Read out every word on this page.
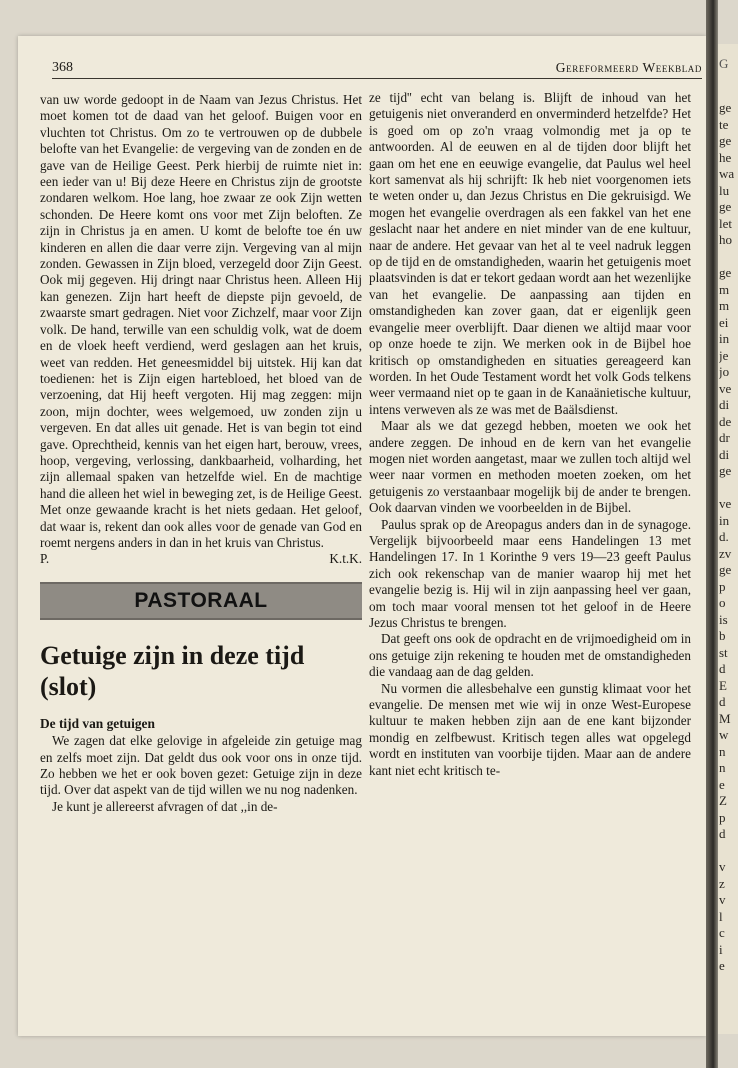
368	Gereformeerd Weekblad

van uw worde gedoopt in de Naam van Jezus Christus. Het moet komen tot de daad van het geloof. Buigen voor en vluchten tot Christus. Om zo te vertrouwen op de dubbele belofte van het Evangelie: de vergeving van de zonden en de gave van de Heilige Geest. Perk hierbij de ruimte niet in: een ieder van u! Bij deze Heere en Christus zijn de grootste zondaren welkom. Hoe lang, hoe zwaar ze ook Zijn wetten schonden. De Heere komt ons voor met Zijn beloften. Ze zijn in Christus ja en amen. U komt de belofte toe én uw kinderen en allen die daar verre zijn. Vergeving van al mijn zonden. Gewassen in Zijn bloed, verzegeld door Zijn Geest. Ook mij gegeven. Hij dringt naar Christus heen. Alleen Hij kan genezen. Zijn hart heeft de diepste pijn gevoeld, de zwaarste smart gedragen. Niet voor Zichzelf, maar voor Zijn volk. De hand, terwille van een schuldig volk, wat de doem en de vloek heeft verdiend, werd geslagen aan het kruis, weet van redden. Het geneesmiddel bij uitstek. Hij kan dat toedienen: het is Zijn eigen hartebloed, het bloed van de verzoening, dat Hij heeft vergoten. Hij mag zeggen: mijn zoon, mijn dochter, wees welgemoed, uw zonden zijn u vergeven. En dat alles uit genade. Het is van begin tot eind gave. Oprechtheid, kennis van het eigen hart, berouw, vrees, hoop, vergeving, verlossing, dankbaarheid, volharding, het zijn allemaal spaken van hetzelfde wiel. En de machtige hand die alleen het wiel in beweging zet, is de Heilige Geest. Met onze gewaande kracht is het niets gedaan. Het geloof, dat waar is, rekent dan ook alles voor de genade van God en roemt nergens anders in dan in het kruis van Christus.

P.	K.t.K.
PASTORAAL
Getuige zijn in deze tijd (slot)
De tijd van getuigen

We zagen dat elke gelovige in afgeleide zin getuige mag en zelfs moet zijn. Dat geldt dus ook voor ons in onze tijd. Zo hebben we het er ook boven gezet: Getuige zijn in deze tijd. Over dat aspekt van de tijd willen we nu nog nadenken.

Je kunt je allereerst afvragen of dat ,,in de-

ze tijd'' echt van belang is. Blijft de inhoud van het getuigenis niet onveranderd en onverminderd hetzelfde? Het is goed om op zo'n vraag volmondig met ja op te antwoorden. Al de eeuwen en al de tijden door blijft het gaan om het ene en eeuwige evangelie, dat Paulus wel heel kort samenvat als hij schrijft: Ik heb niet voorgenomen iets te weten onder u, dan Jezus Christus en Die gekruisigd. We mogen het evangelie overdragen als een fakkel van het ene geslacht naar het andere en niet minder van de ene kultuur, naar de andere. Het gevaar van het al te veel nadruk leggen op de tijd en de omstandigheden, waarin het getuigenis moet plaatsvinden is dat er tekort gedaan wordt aan het wezenlijke van het evangelie. De aanpassing aan tijden en omstandigheden kan zover gaan, dat er eigenlijk geen evangelie meer overblijft. Daar dienen we altijd maar voor op onze hoede te zijn. We merken ook in de Bijbel hoe kritisch op omstandigheden en situaties gereageerd kan worden. In het Oude Testament wordt het volk Gods telkens weer vermaand niet op te gaan in de Kanaänietische kultuur, intens verweven als ze was met de Baälsdienst.

Maar als we dat gezegd hebben, moeten we ook het andere zeggen. De inhoud en de kern van het evangelie mogen niet worden aangetast, maar we zullen toch altijd wel weer naar vormen en methoden moeten zoeken, om het getuigenis zo verstaanbaar mogelijk bij de ander te brengen. Ook daarvan vinden we voorbeelden in de Bijbel.

Paulus sprak op de Areopagus anders dan in de synagoge. Vergelijk bijvoorbeeld maar eens Handelingen 13 met Handelingen 17. In 1 Korinthe 9 vers 19—23 geeft Paulus zich ook rekenschap van de manier waarop hij met het evangelie bezig is. Hij wil in zijn aanpassing heel ver gaan, om toch maar vooral mensen tot het geloof in de Heere Jezus Christus te brengen.

Dat geeft ons ook de opdracht en de vrijmoedigheid om in ons getuige zijn rekening te houden met de omstandigheden die vandaag aan de dag gelden.

Nu vormen die allesbehalve een gunstig klimaat voor het evangelie. De mensen met wie wij in onze West-Europese kultuur te maken hebben zijn aan de ene kant bijzonder mondig en zelfbewust. Kritisch tegen alles wat opgelegd wordt en instituten van voorbije tijden. Maar aan de andere kant niet echt kritisch te-

G
ge
te
ge
he
wa
lu
ge
let
ho
ge
m
m
ei
in
je
jo
ve
di
de
dr
di
ge
ve
in
d.
zv
ge
p
o
is
b
st
d
E
d
M
w
n
n
e
Z
p
d
v
z
v
l
c
i
e
